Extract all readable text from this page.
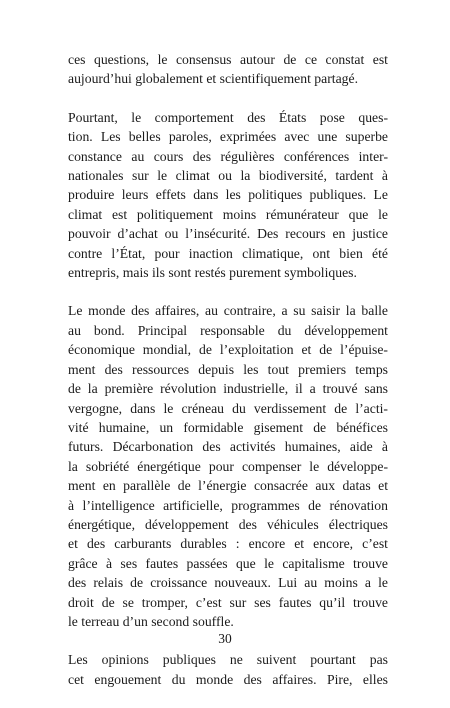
ces questions, le consensus autour de ce constat est
aujourd’hui globalement et scientifiquement partagé.

Pourtant, le comportement des États pose ques-
tion. Les belles paroles, exprimées avec une superbe
constance au cours des régulières conférences inter-
nationales sur le climat ou la biodiversité, tardent à
produire leurs effets dans les politiques publiques. Le
climat est politiquement moins rémunérateur que le
pouvoir d’achat ou l’insécurité. Des recours en justice
contre l’État, pour inaction climatique, ont bien été
entrepris, mais ils sont restés purement symboliques.

Le monde des affaires, au contraire, a su saisir la balle
au bond. Principal responsable du développement
économique mondial, de l’exploitation et de l’épuise-
ment des ressources depuis les tout premiers temps
de la première révolution industrielle, il a trouvé sans
vergogne, dans le créneau du verdissement de l’acti-
vité humaine, un formidable gisement de bénéfices
futurs. Décarbonation des activités humaines, aide à
la sobriété énergétique pour compenser le développe-
ment en parallèle de l’énergie consacrée aux datas et
à l’intelligence artificielle, programmes de rénovation
énergétique, développement des véhicules électriques
et des carburants durables : encore et encore, c’est
grâce à ses fautes passées que le capitalisme trouve
des relais de croissance nouveaux. Lui au moins a le
droit de se tromper, c’est sur ses fautes qu’il trouve
le terreau d’un second souffle.

Les opinions publiques ne suivent pourtant pas
cet engouement du monde des affaires. Pire, elles

30
